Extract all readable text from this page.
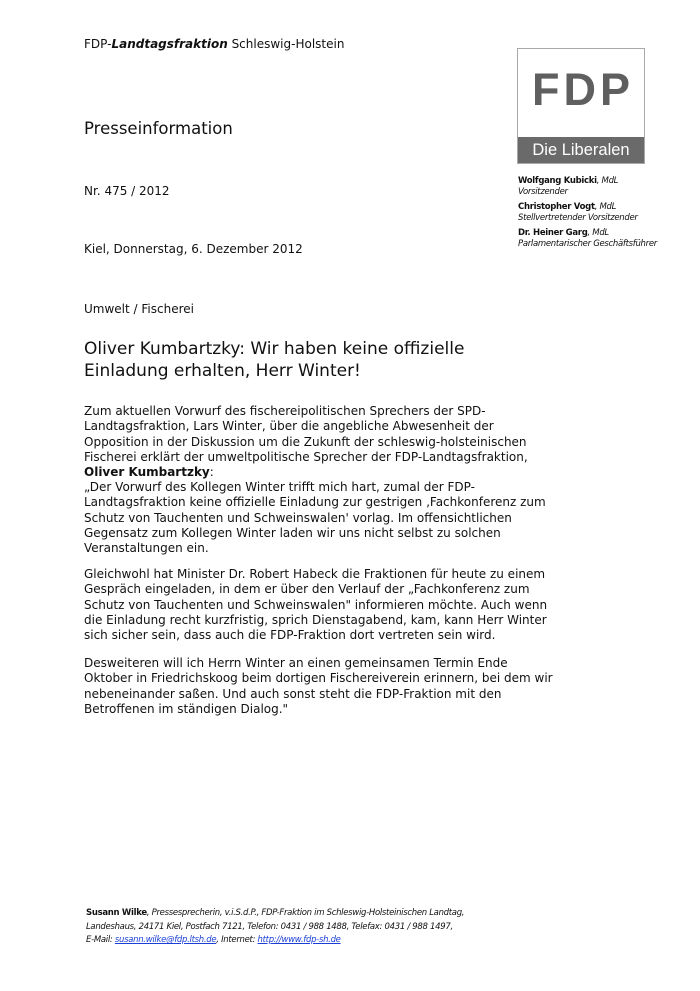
FDP-Landtagsfraktion Schleswig-Holstein
Presseinformation
Nr. 475 / 2012
Kiel, Donnerstag, 6. Dezember 2012
Umwelt / Fischerei
Oliver Kumbartzky: Wir haben keine offizielle
Einladung erhalten, Herr Winter!
Zum aktuellen Vorwurf des fischereipolitischen Sprechers der SPD-Landtagsfraktion, Lars Winter, über die angebliche Abwesenheit der Opposition in der Diskussion um die Zukunft der schleswig-holsteinischen Fischerei erklärt der umweltpolitische Sprecher der FDP-Landtagsfraktion, Oliver Kumbartzky:
„Der Vorwurf des Kollegen Winter trifft mich hart, zumal der FDP-Landtagsfraktion keine offizielle Einladung zur gestrigen ‚Fachkonferenz zum Schutz von Tauchenten und Schweinswalen' vorlag. Im offensichtlichen Gegensatz zum Kollegen Winter laden wir uns nicht selbst zu solchen Veranstaltungen ein.
Gleichwohl hat Minister Dr. Robert Habeck die Fraktionen für heute zu einem Gespräch eingeladen, in dem er über den Verlauf der „Fachkonferenz zum Schutz von Tauchenten und Schweinswalen" informieren möchte. Auch wenn die Einladung recht kurzfristig, sprich Dienstagabend, kam, kann Herr Winter sich sicher sein, dass auch die FDP-Fraktion dort vertreten sein wird.
Desweiteren will ich Herrn Winter an einen gemeinsamen Termin Ende Oktober in Friedrichskoog beim dortigen Fischereiverein erinnern, bei dem wir nebeneinander saßen. Und auch sonst steht die FDP-Fraktion mit den Betroffenen im ständigen Dialog."
FDP
Die Liberalen
Wolfgang Kubicki, MdL
Vorsitzender
Christopher Vogt, MdL
Stellvertretender Vorsitzender
Dr. Heiner Garg, MdL
Parlamentarischer Geschäftsführer
Susann Wilke, Pressesprecherin, v.i.S.d.P., FDP-Fraktion im Schleswig-Holsteinischen Landtag,
Landeshaus, 24171 Kiel, Postfach 7121, Telefon: 0431 / 988 1488, Telefax: 0431 / 988 1497,
E-Mail: susann.wilke@fdp.ltsh.de, Internet: http://www.fdp-sh.de
